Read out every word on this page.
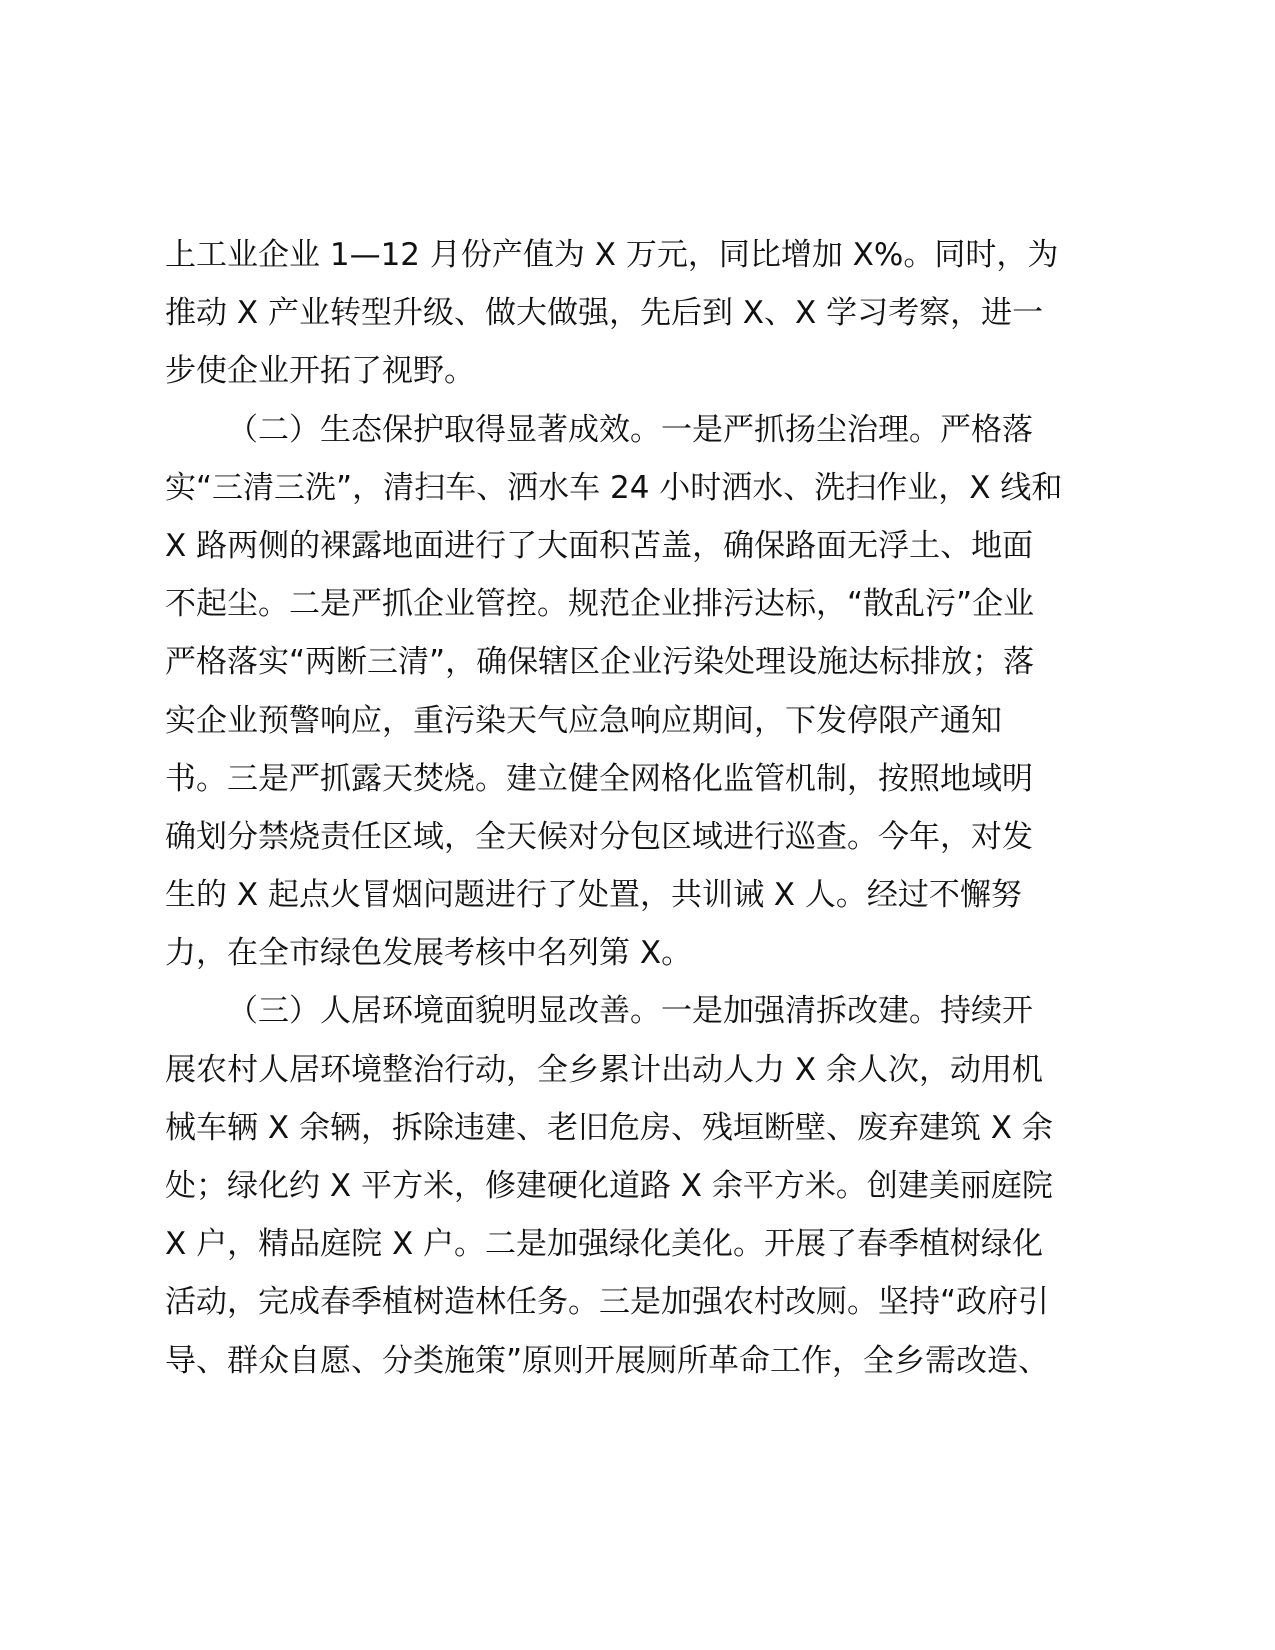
上工业企业 1—12 月份产值为 X 万元，同比增加 X%。同时，为
推动 X 产业转型升级、做大做强，先后到 X、X 学习考察，进一
步使企业开拓了视野。
（二）生态保护取得显著成效。一是严抓扬尘治理。严格落
实“三清三洗”，清扫车、洒水车 24 小时洒水、洗扫作业，X 线和
X 路两侧的裸露地面进行了大面积苫盖，确保路面无浮土、地面
不起尘。二是严抓企业管控。规范企业排污达标，“散乱污”企业
严格落实“两断三清”，确保辖区企业污染处理设施达标排放；落
实企业预警响应，重污染天气应急响应期间，下发停限产通知
书。三是严抓露天焚烧。建立健全网格化监管机制，按照地域明
确划分禁烧责任区域，全天候对分包区域进行巡查。今年，对发
生的 X 起点火冒烟问题进行了处置，共训诫 X 人。经过不懈努
力，在全市绿色发展考核中名列第 X。
（三）人居环境面貌明显改善。一是加强清拆改建。持续开
展农村人居环境整治行动，全乡累计出动人力 X 余人次，动用机
械车辆 X 余辆，拆除违建、老旧危房、残垣断壁、废弃建筑 X 余
处；绿化约 X 平方米，修建硬化道路 X 余平方米。创建美丽庭院
X 户，精品庭院 X 户。二是加强绿化美化。开展了春季植树绿化
活动，完成春季植树造林任务。三是加强农村改厕。坚持“政府引
导、群众自愿、分类施策”原则开展厕所革命工作，全乡需改造、
